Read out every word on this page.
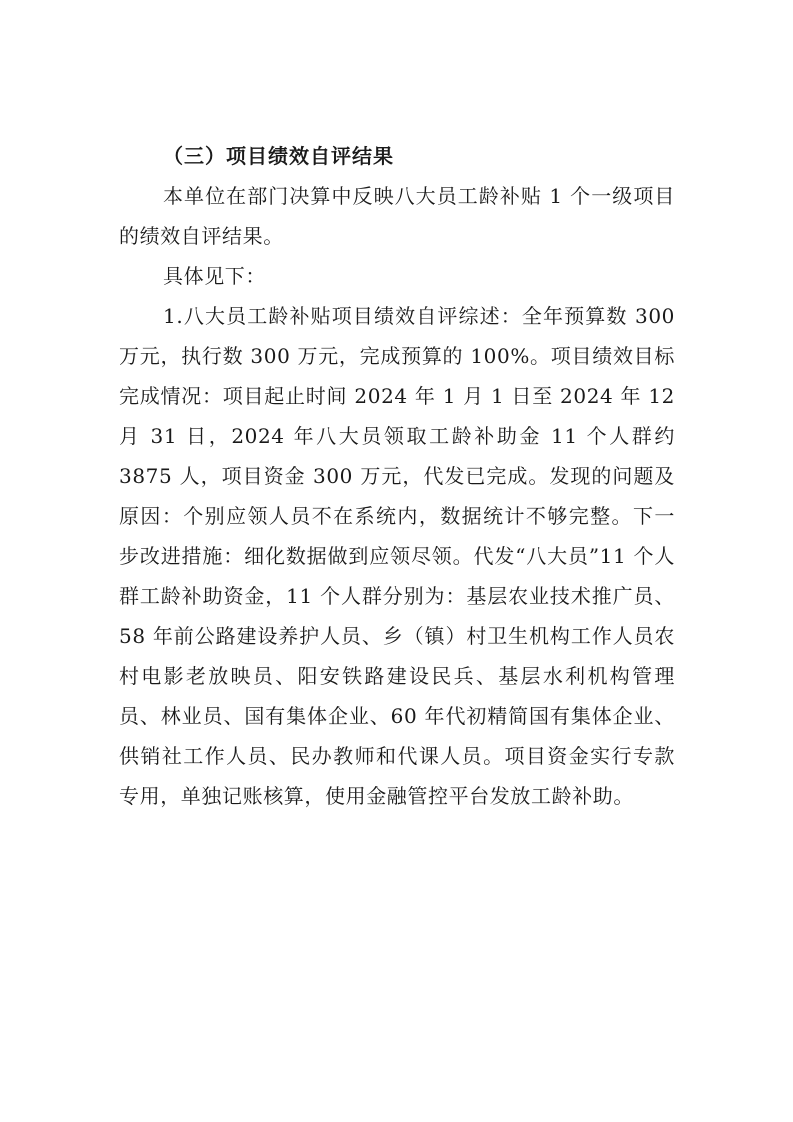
（三）项目绩效自评结果

本单位在部门决算中反映八大员工龄补贴 1 个一级项目的绩效自评结果。

具体见下：

1.八大员工龄补贴项目绩效自评综述：全年预算数 300 万元，执行数 300 万元，完成预算的 100%。项目绩效目标完成情况：项目起止时间 2024 年 1 月 1 日至 2024 年 12 月 31 日，2024 年八大员领取工龄补助金 11 个人群约 3875 人，项目资金 300 万元，代发已完成。发现的问题及原因：个别应领人员不在系统内，数据统计不够完整。下一步改进措施：细化数据做到应领尽领。代发“八大员”11 个人群工龄补助资金，11 个人群分别为：基层农业技术推广员、58 年前公路建设养护人员、乡（镇）村卫生机构工作人员农村电影老放映员、阳安铁路建设民兵、基层水利机构管理员、林业员、国有集体企业、60 年代初精简国有集体企业、供销社工作人员、民办教师和代课人员。项目资金实行专款专用，单独记账核算，使用金融管控平台发放工龄补助。
